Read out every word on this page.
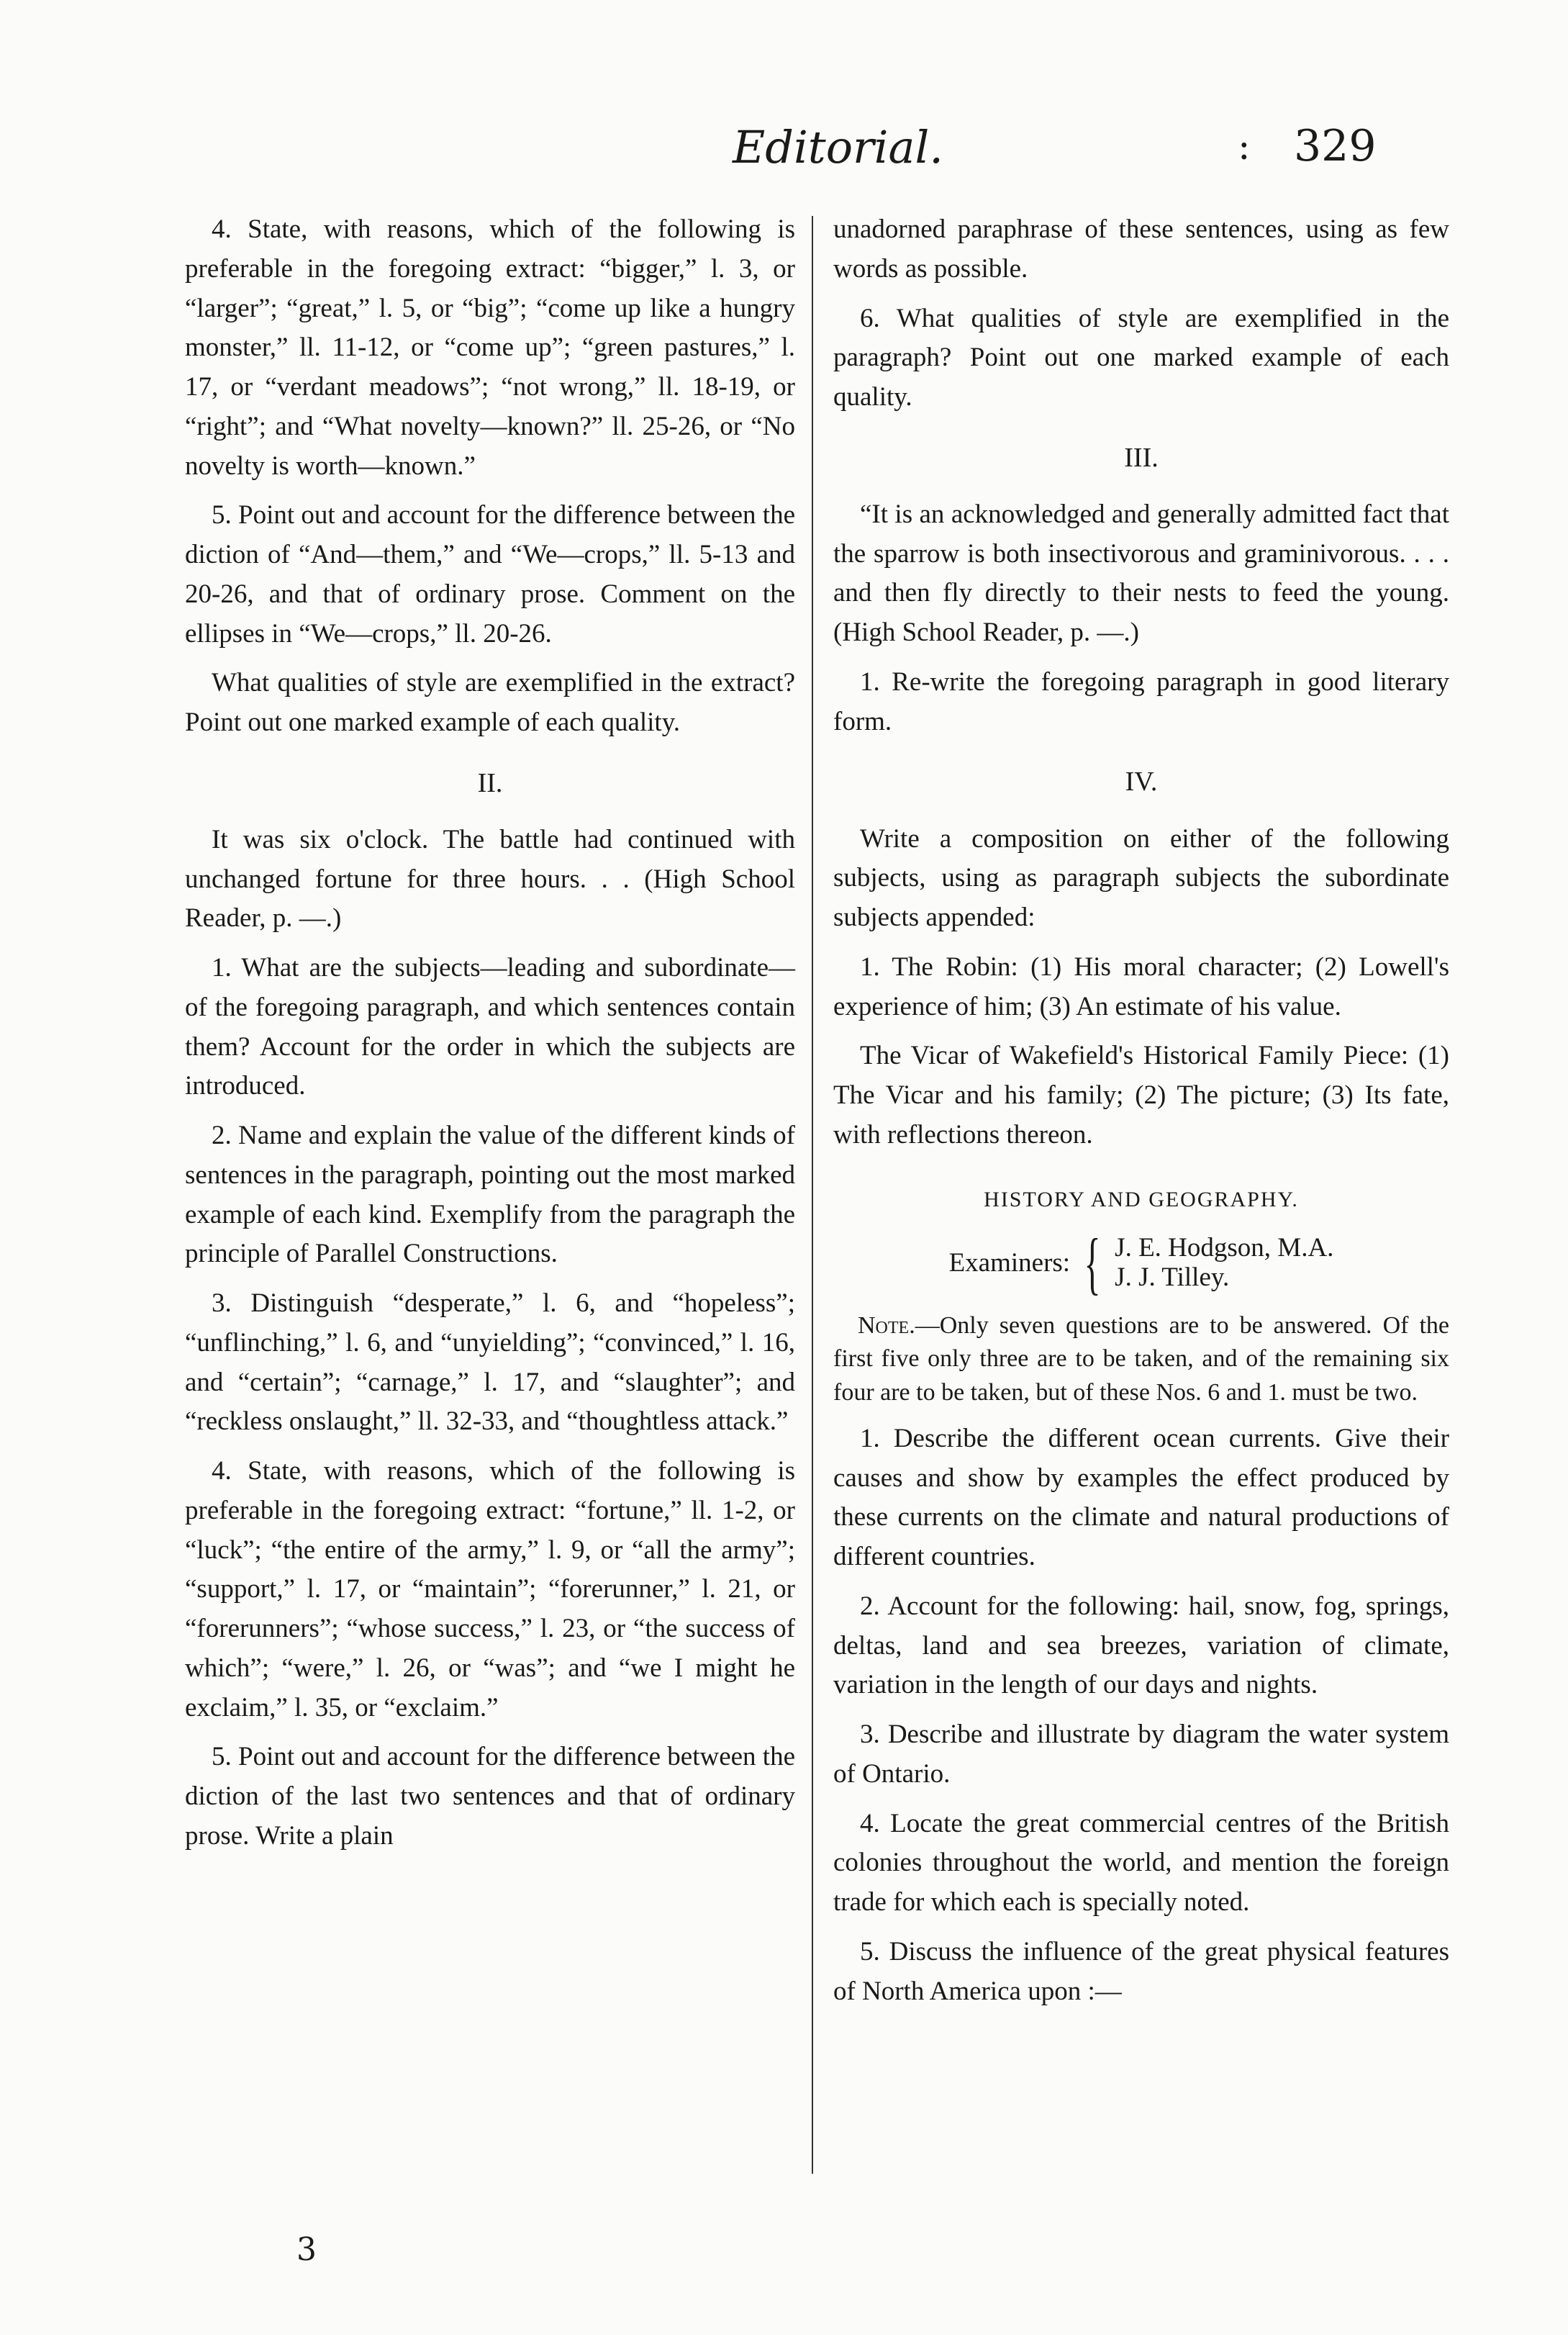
Editorial.	: 329

4. State, with reasons, which of the following is preferable in the foregoing extract: “bigger,” l. 3, or “larger”; “great,” l. 5, or “big”; “come up like a hungry monster,” ll. 11-12, or “come up”; “green pastures,” l. 17, or “verdant meadows”; “not wrong,” ll. 18-19, or “right”; and “What novelty—known?” ll. 25-26, or “No novelty is worth—known.”

5. Point out and account for the difference between the diction of “And—them,” and “We—crops,” ll. 5-13 and 20-26, and that of ordinary prose. Comment on the ellipses in “We—crops,” ll. 20-26.

What qualities of style are exemplified in the extract? Point out one marked example of each quality.

II.

It was six o'clock. The battle had continued with unchanged fortune for three hours. . . (High School Reader, p. —.)

1. What are the subjects—leading and subordinate—of the foregoing paragraph, and which sentences contain them? Account for the order in which the subjects are introduced.

2. Name and explain the value of the different kinds of sentences in the paragraph, pointing out the most marked example of each kind. Exemplify from the paragraph the principle of Parallel Constructions.

3. Distinguish “desperate,” l. 6, and “hopeless”; “unflinching,” l. 6, and “unyielding”; “convinced,” l. 16, and “certain”; “carnage,” l. 17, and “slaughter”; and “reckless onslaught,” ll. 32-33, and “thoughtless attack.”

4. State, with reasons, which of the following is preferable in the foregoing extract: “fortune,” ll. 1-2, or “luck”; “the entire of the army,” l. 9, or “all the army”; “support,” l. 17, or “maintain”; “forerunner,” l. 21, or “forerunners”; “whose success,” l. 23, or “the success of which”; “were,” l. 26, or “was”; and “we I might he exclaim,” l. 35, or “exclaim.”

5. Point out and account for the difference between the diction of the last two sentences and that of ordinary prose. Write a plain

unadorned paraphrase of these sentences, using as few words as possible.

6. What qualities of style are exemplified in the paragraph? Point out one marked example of each quality.

III.

“It is an acknowledged and generally admitted fact that the sparrow is both insectivorous and graminivorous. . . . and then fly directly to their nests to feed the young. (High School Reader, p. —.)

1. Re-write the foregoing paragraph in good literary form.

IV.

Write a composition on either of the following subjects, using as paragraph subjects the subordinate subjects appended:

1. The Robin: (1) His moral character; (2) Lowell's experience of him; (3) An estimate of his value.

The Vicar of Wakefield's Historical Family Piece: (1) The Vicar and his family; (2) The picture; (3) Its fate, with reflections thereon.

HISTORY AND GEOGRAPHY.
Examiners: { J. E. Hodgson, M.A.
J. J. Tilley.

Note.—Only seven questions are to be answered. Of the first five only three are to be taken, and of the remaining six four are to be taken, but of these Nos. 6 and 1. must be two.

1. Describe the different ocean currents. Give their causes and show by examples the effect produced by these currents on the climate and natural productions of different countries.

2. Account for the following: hail, snow, fog, springs, deltas, land and sea breezes, variation of climate, variation in the length of our days and nights.

3. Describe and illustrate by diagram the water system of Ontario.

4. Locate the great commercial centres of the British colonies throughout the world, and mention the foreign trade for which each is specially noted.

5. Discuss the influence of the great physical features of North America upon :—

3
